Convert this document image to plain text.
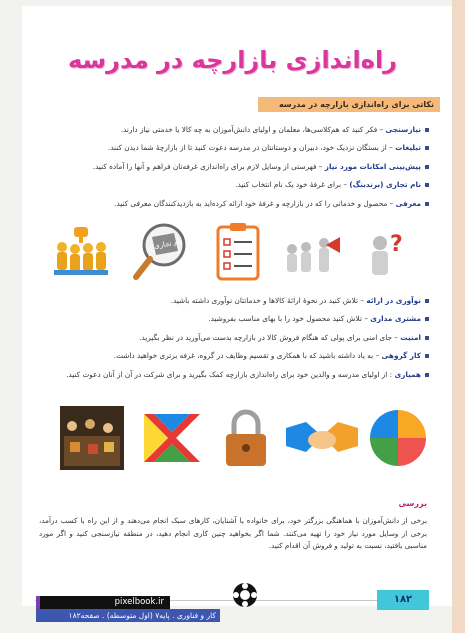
راه‌اندازی بازارچه در مدرسه
نکاتی برای راه‌اندازی بازارچه در مدرسه
نیازسنجی – فکر کنید که هم‌کلاسی‌ها، معلمان و اولیای دانش‌آموزان به چه کالا یا خدمتی نیاز دارند.
تبلیغات – از بستگان نزدیک خود، دبیران و دوستانتان در مدرسه دعوت کنید تا از بازارچهٔ شما دیدن کنند.
پیش‌بینی امکانات مورد نیاز – فهرستی از وسایل لازم برای راه‌اندازی غرفه‌تان فراهم و آنها را آماده کنید.
نام تجاری (برندینگ) – برای غرفهٔ خود یک نام انتخاب کنید.
معرفی – محصول و خدماتی را که در بازارچه و غرفهٔ خود ارائه کرده‌اید به بازدیدکنندگان معرفی کنید.
نام تجاری	?
نوآوری در ارائه – تلاش کنید در نحوهٔ ارائهٔ کالاها و خدماتتان نوآوری داشته باشید.
مشتری مداری – تلاش کنید محصول خود را با بهای مناسب بفروشید.
امنیت – جای امنی برای پولی که هنگام فروش کالا در بازارچه بدست می‌آورید در نظر بگیرید.
کار گروهی – به یاد داشته باشید که با همکاری و تقسیم وظایف در گروه، غرفه برتری خواهید داشت.
همیاری : از اولیای مدرسه و والدین خود برای راه‌اندازی بازارچه کمک بگیرید و برای شرکت در آن از آنان دعوت کنید.
بررسی
برخی از دانش‌آموزان با هماهنگی بزرگتر خود، برای خانواده یا آشنایان، کارهای سبک انجام می‌دهند و از این راه با کسب درآمد، برخی از وسایل مورد نیاز خود را تهیه می‌کنند. شما اگر بخواهید چنین کاری انجام دهید، در منطقه نیازسنجی کنید و اگر مورد مناسبی یافتید، نسبت به تولید و فروش آن اقدام کنید.
۱۸۲
pixelbook.ir
کار و فناوری . پایه۷ (اول متوسطه) . صفحه۱۸۲
